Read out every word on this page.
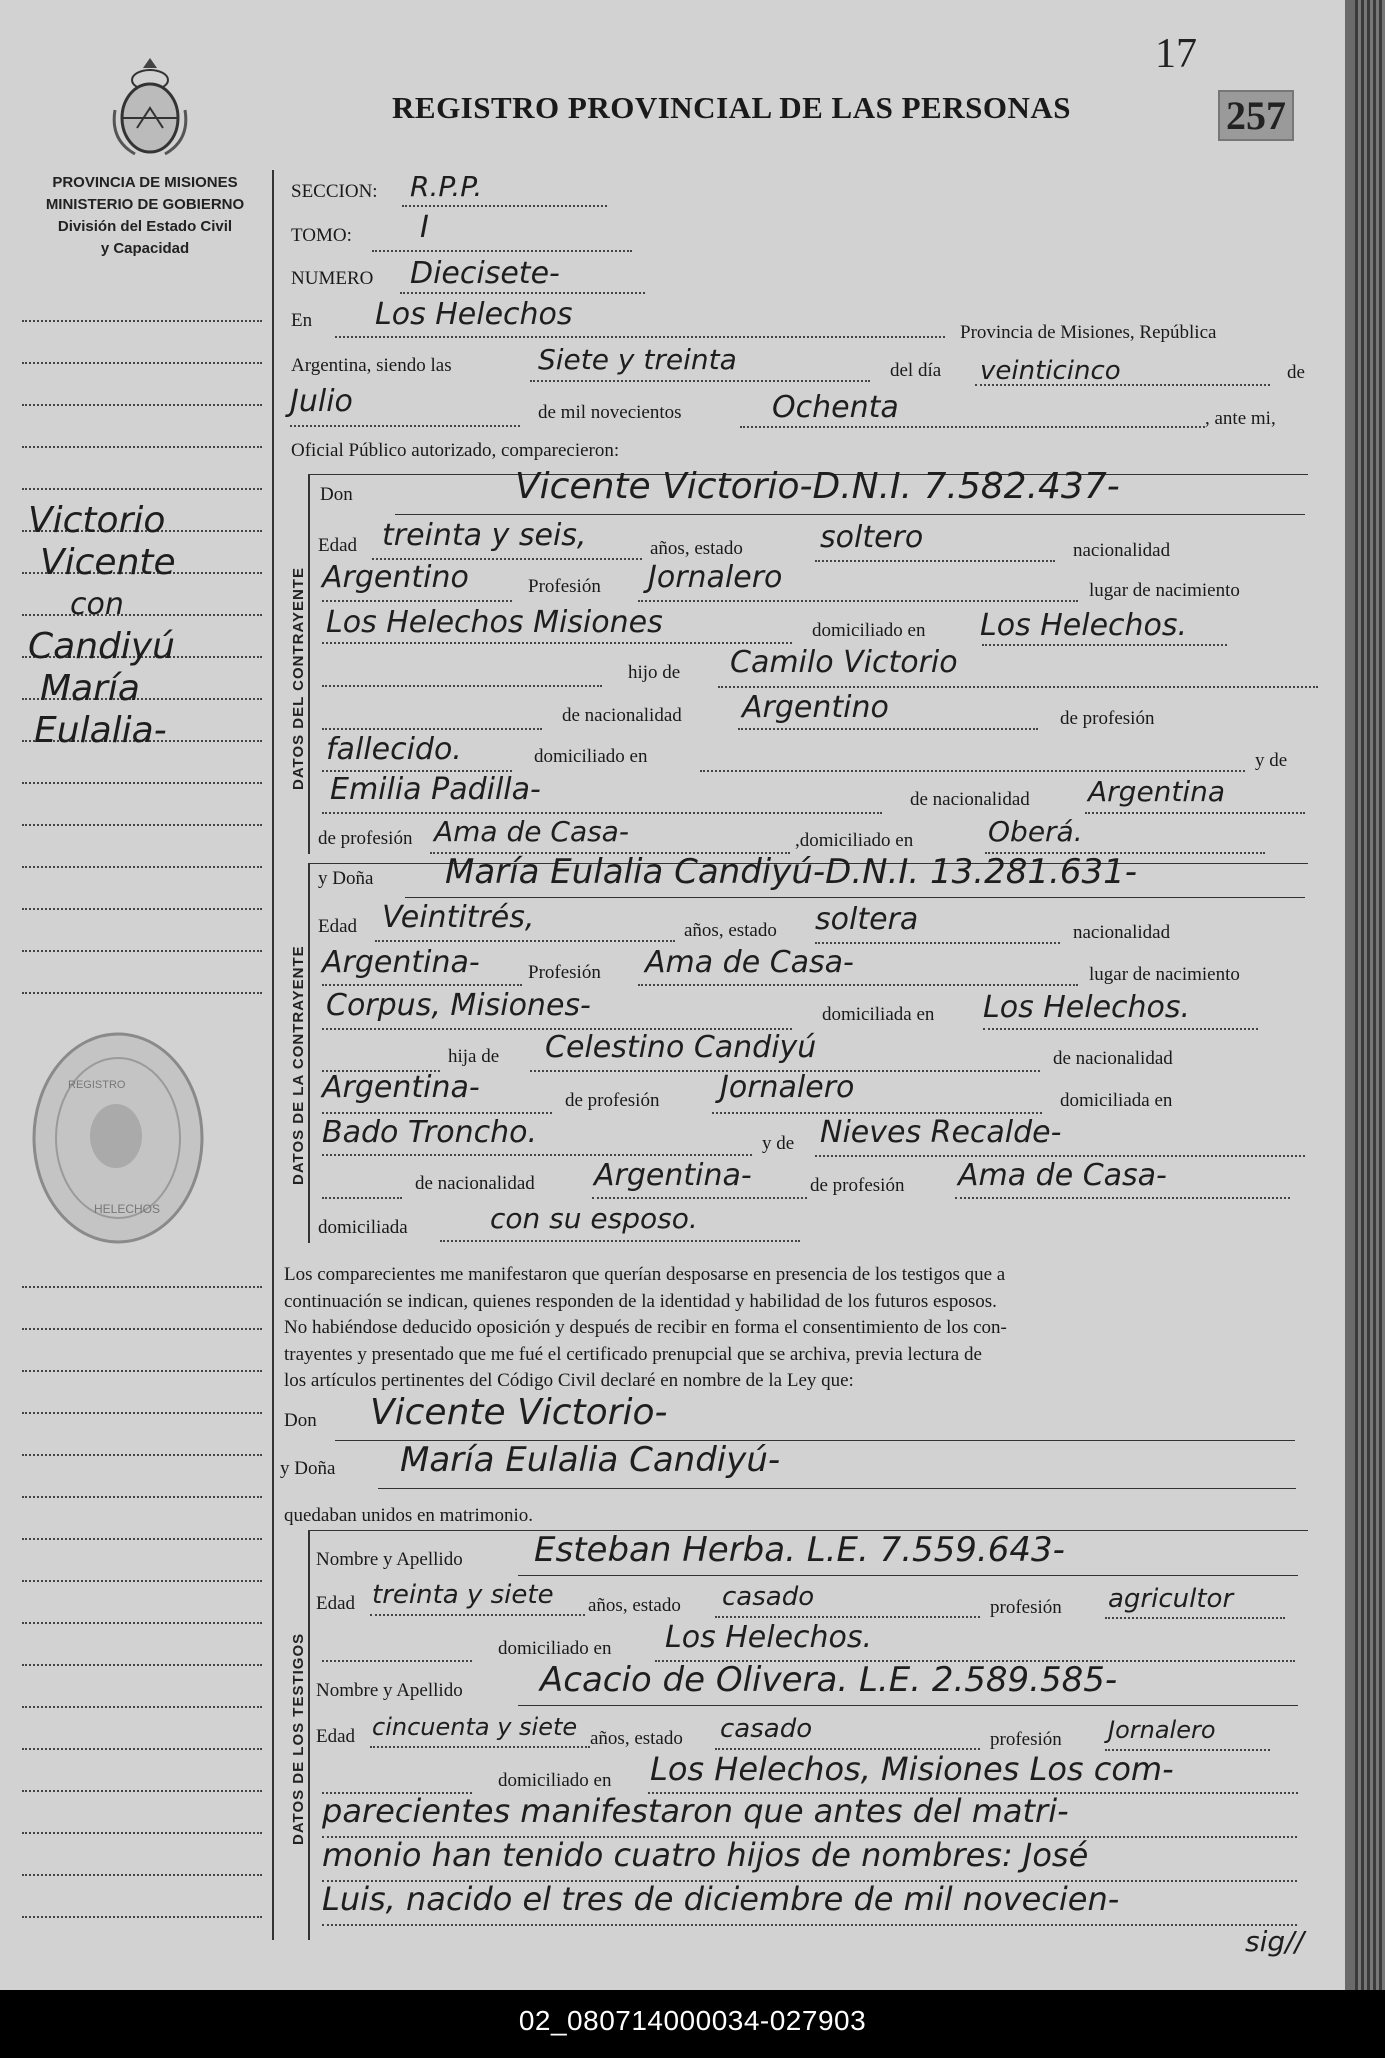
17
257
REGISTRO PROVINCIAL DE LAS PERSONAS
PROVINCIA DE MISIONES
MINISTERIO DE GOBIERNO
División del Estado Civil
y Capacidad
Victorio
Vicente
con
Candiyú
María
Eulalia-
REGISTRO
HELECHOS
SECCION: R.P.P.
TOMO: I
NUMERO Diecisete-
En Los Helechos
Provincia de Misiones, República
Argentina, siendo las	Siete y treinta	del día veinticinco	de
Julio	de mil novecientos	Ochenta	, ante mi,
Oficial Público autorizado, comparecieron:
DATOS DEL CONTRAYENTE
Don	Vicente Victorio-D.N.I. 7.582.437-
Edad treinta y seis,	años, estado	soltero	nacionalidad
Argentino	Profesión Jornalero	lugar de nacimiento
Los Helechos Misiones	domiciliado en Los Helechos.
hijo de Camilo Victorio
de nacionalidad Argentino	de profesión
fallecido.	domiciliado en	y de
Emilia Padilla-	de nacionalidad Argentina
de profesión Ama de Casa-	,domiciliado en	Oberá.
DATOS DE LA CONTRAYENTE
y Doña María Eulalia Candiyú-D.N.I. 13.281.631-
Edad Veintitrés,	años, estado soltera	nacionalidad
Argentina-	Profesión Ama de Casa-	lugar de nacimiento
Corpus, Misiones-	domiciliada en Los Helechos.
hija de Celestino Candiyú	de nacionalidad
Argentina-	de profesión Jornalero	domiciliada en
Bado Troncho.	y de Nieves Recalde-
de nacionalidad Argentina-	de profesión Ama de Casa-
domiciliada	con su esposo.
Los comparecientes me manifestaron que querían desposarse en presencia de los testigos que a
continuación se indican, quienes responden de la identidad y habilidad de los futuros esposos.
No habiéndose deducido oposición y después de recibir en forma el consentimiento de los con-
trayentes y presentado que me fué el certificado prenupcial que se archiva, previa lectura de
los artículos pertinentes del Código Civil declaré en nombre de la Ley que:
Don Vicente Victorio-
y Doña María Eulalia Candiyú-
quedaban unidos en matrimonio.
DATOS DE LOS TESTIGOS
Nombre y Apellido Esteban Herba. L.E. 7.559.643-
Edad treinta y siete años, estado casado	profesión agricultor
domiciliado en Los Helechos.
Nombre y Apellido Acacio de Olivera. L.E. 2.589.585-
Edad cincuenta y siete años, estado casado	profesión Jornalero
domiciliado en Los Helechos, Misiones Los com-
parecientes manifestaron que antes del matri-
monio han tenido cuatro hijos de nombres: José
Luis, nacido el tres de diciembre de mil novecien-
sig//
02_080714000034-027903
